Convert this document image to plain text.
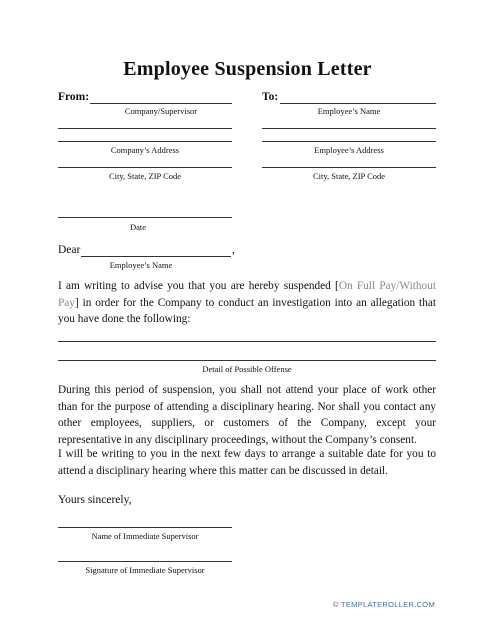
Employee Suspension Letter
From:
Company/Supervisor
Company’s Address
City, State, ZIP Code
To:
Employee’s Name
Employee’s Address
City, State, ZIP Code
Date
Dear	,
Employee’s Name
I am writing to advise you that you are hereby suspended [On Full Pay/Without Pay] in order for the Company to conduct an investigation into an allegation that you have done the following:
Detail of Possible Offense
During this period of suspension, you shall not attend your place of work other than for the purpose of attending a disciplinary hearing. Nor shall you contact any other employees, suppliers, or customers of the Company, except your representative in any disciplinary proceedings, without the Company’s consent.
I will be writing to you in the next few days to arrange a suitable date for you to attend a disciplinary hearing where this matter can be discussed in detail.
Yours sincerely,
Name of Immediate Supervisor
Signature of Immediate Supervisor
© TEMPLATEROLLER.COM
